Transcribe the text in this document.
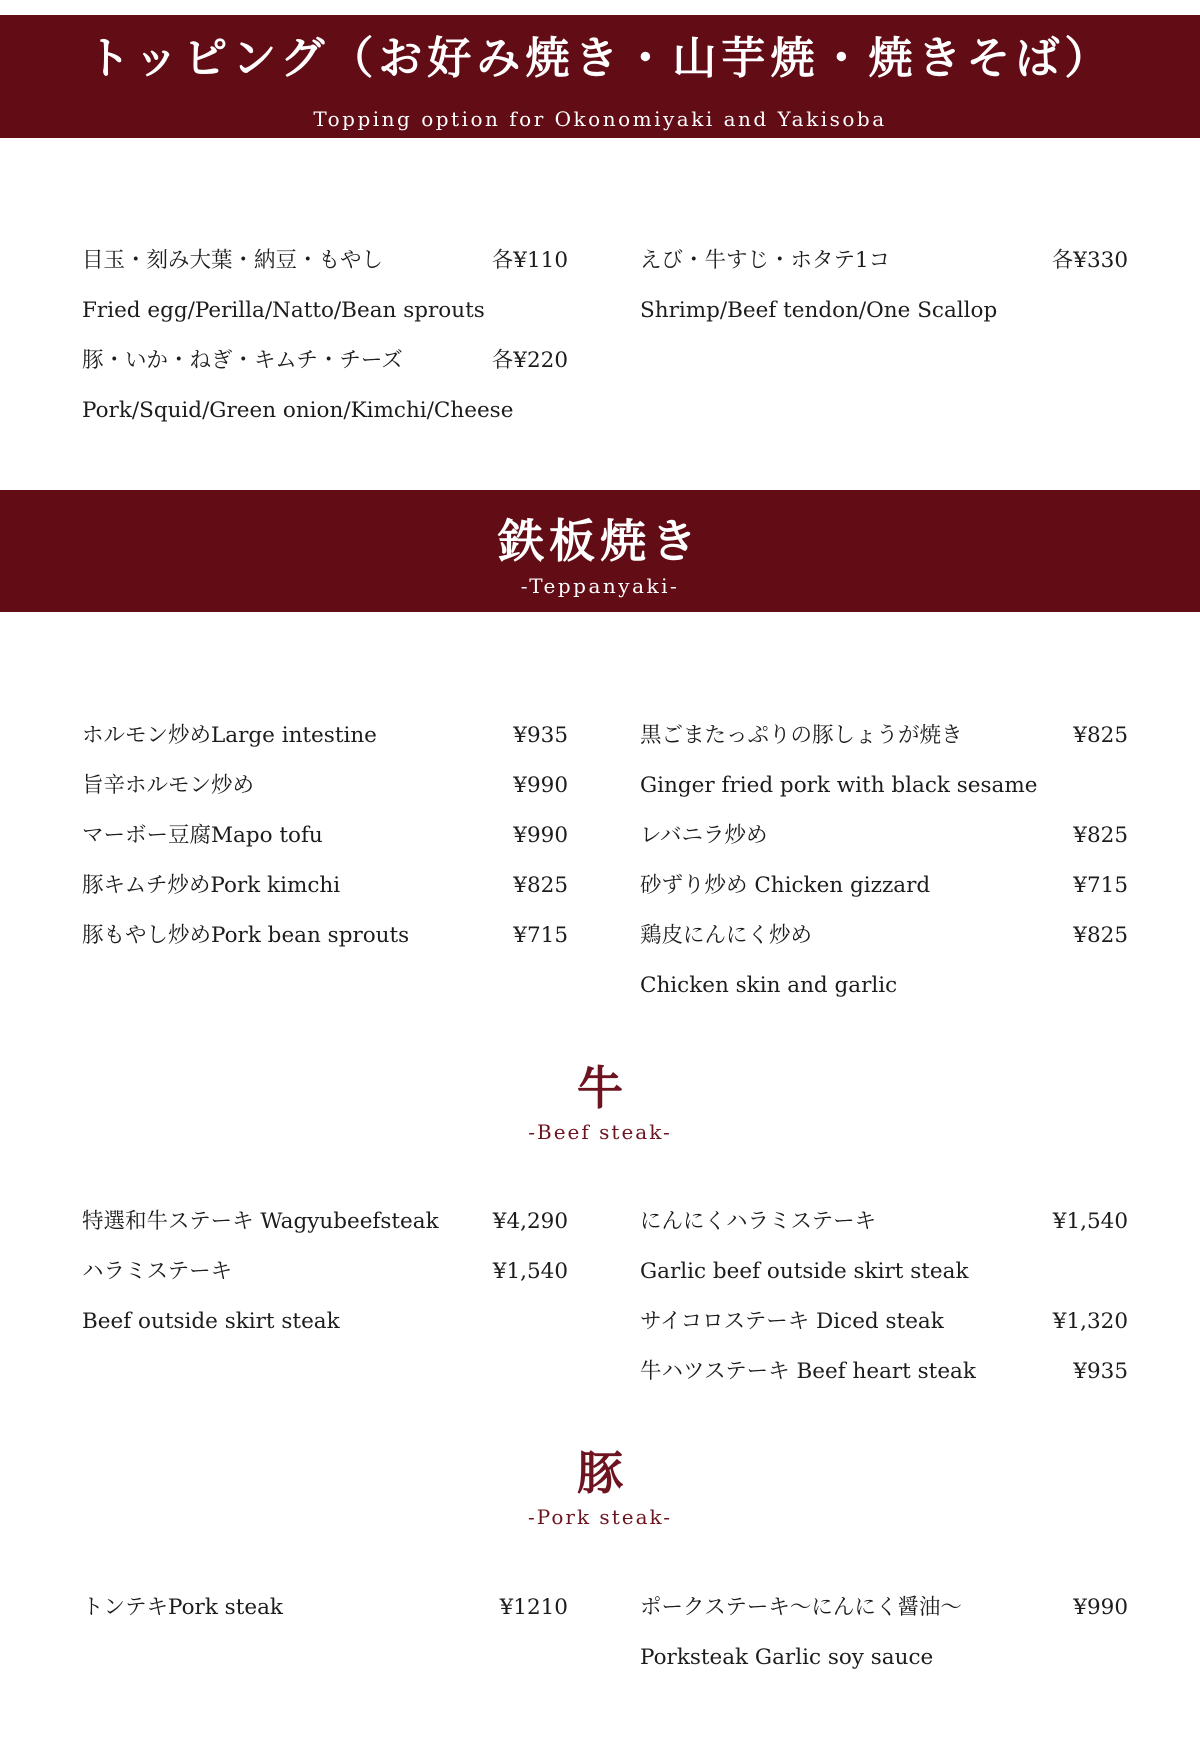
トッピング（お好み焼き・山芋焼・焼きそば）
Topping option for Okonomiyaki and Yakisoba
目玉・刻み大葉・納豆・もやし	各¥110
Fried egg/Perilla/Natto/Bean sprouts
豚・いか・ねぎ・キムチ・チーズ	各¥220
Pork/Squid/Green onion/Kimchi/Cheese
えび・牛すじ・ホタテ1コ	各¥330
Shrimp/Beef tendon/One Scallop
鉄板焼き
-Teppanyaki-
ホルモン炒めLarge intestine	¥935
旨辛ホルモン炒め	¥990
マーボー豆腐Mapo tofu	¥990
豚キムチ炒めPork kimchi	¥825
豚もやし炒めPork bean sprouts	¥715
黒ごまたっぷりの豚しょうが焼き	¥825
Ginger fried pork with black sesame
レバニラ炒め	¥825
砂ずり炒め Chicken gizzard	¥715
鶏皮にんにく炒め	¥825
Chicken skin and garlic
牛
-Beef steak-
特選和牛ステーキ Wagyubeefsteak	¥4,290
ハラミステーキ	¥1,540
Beef outside skirt steak
にんにくハラミステーキ	¥1,540
Garlic beef outside skirt steak
サイコロステーキ Diced steak	¥1,320
牛ハツステーキ Beef heart steak	¥935
豚
-Pork steak-
トンテキPork steak	¥1210	ポークステーキ〜にんにく醤油〜	¥990
Porksteak Garlic soy sauce
